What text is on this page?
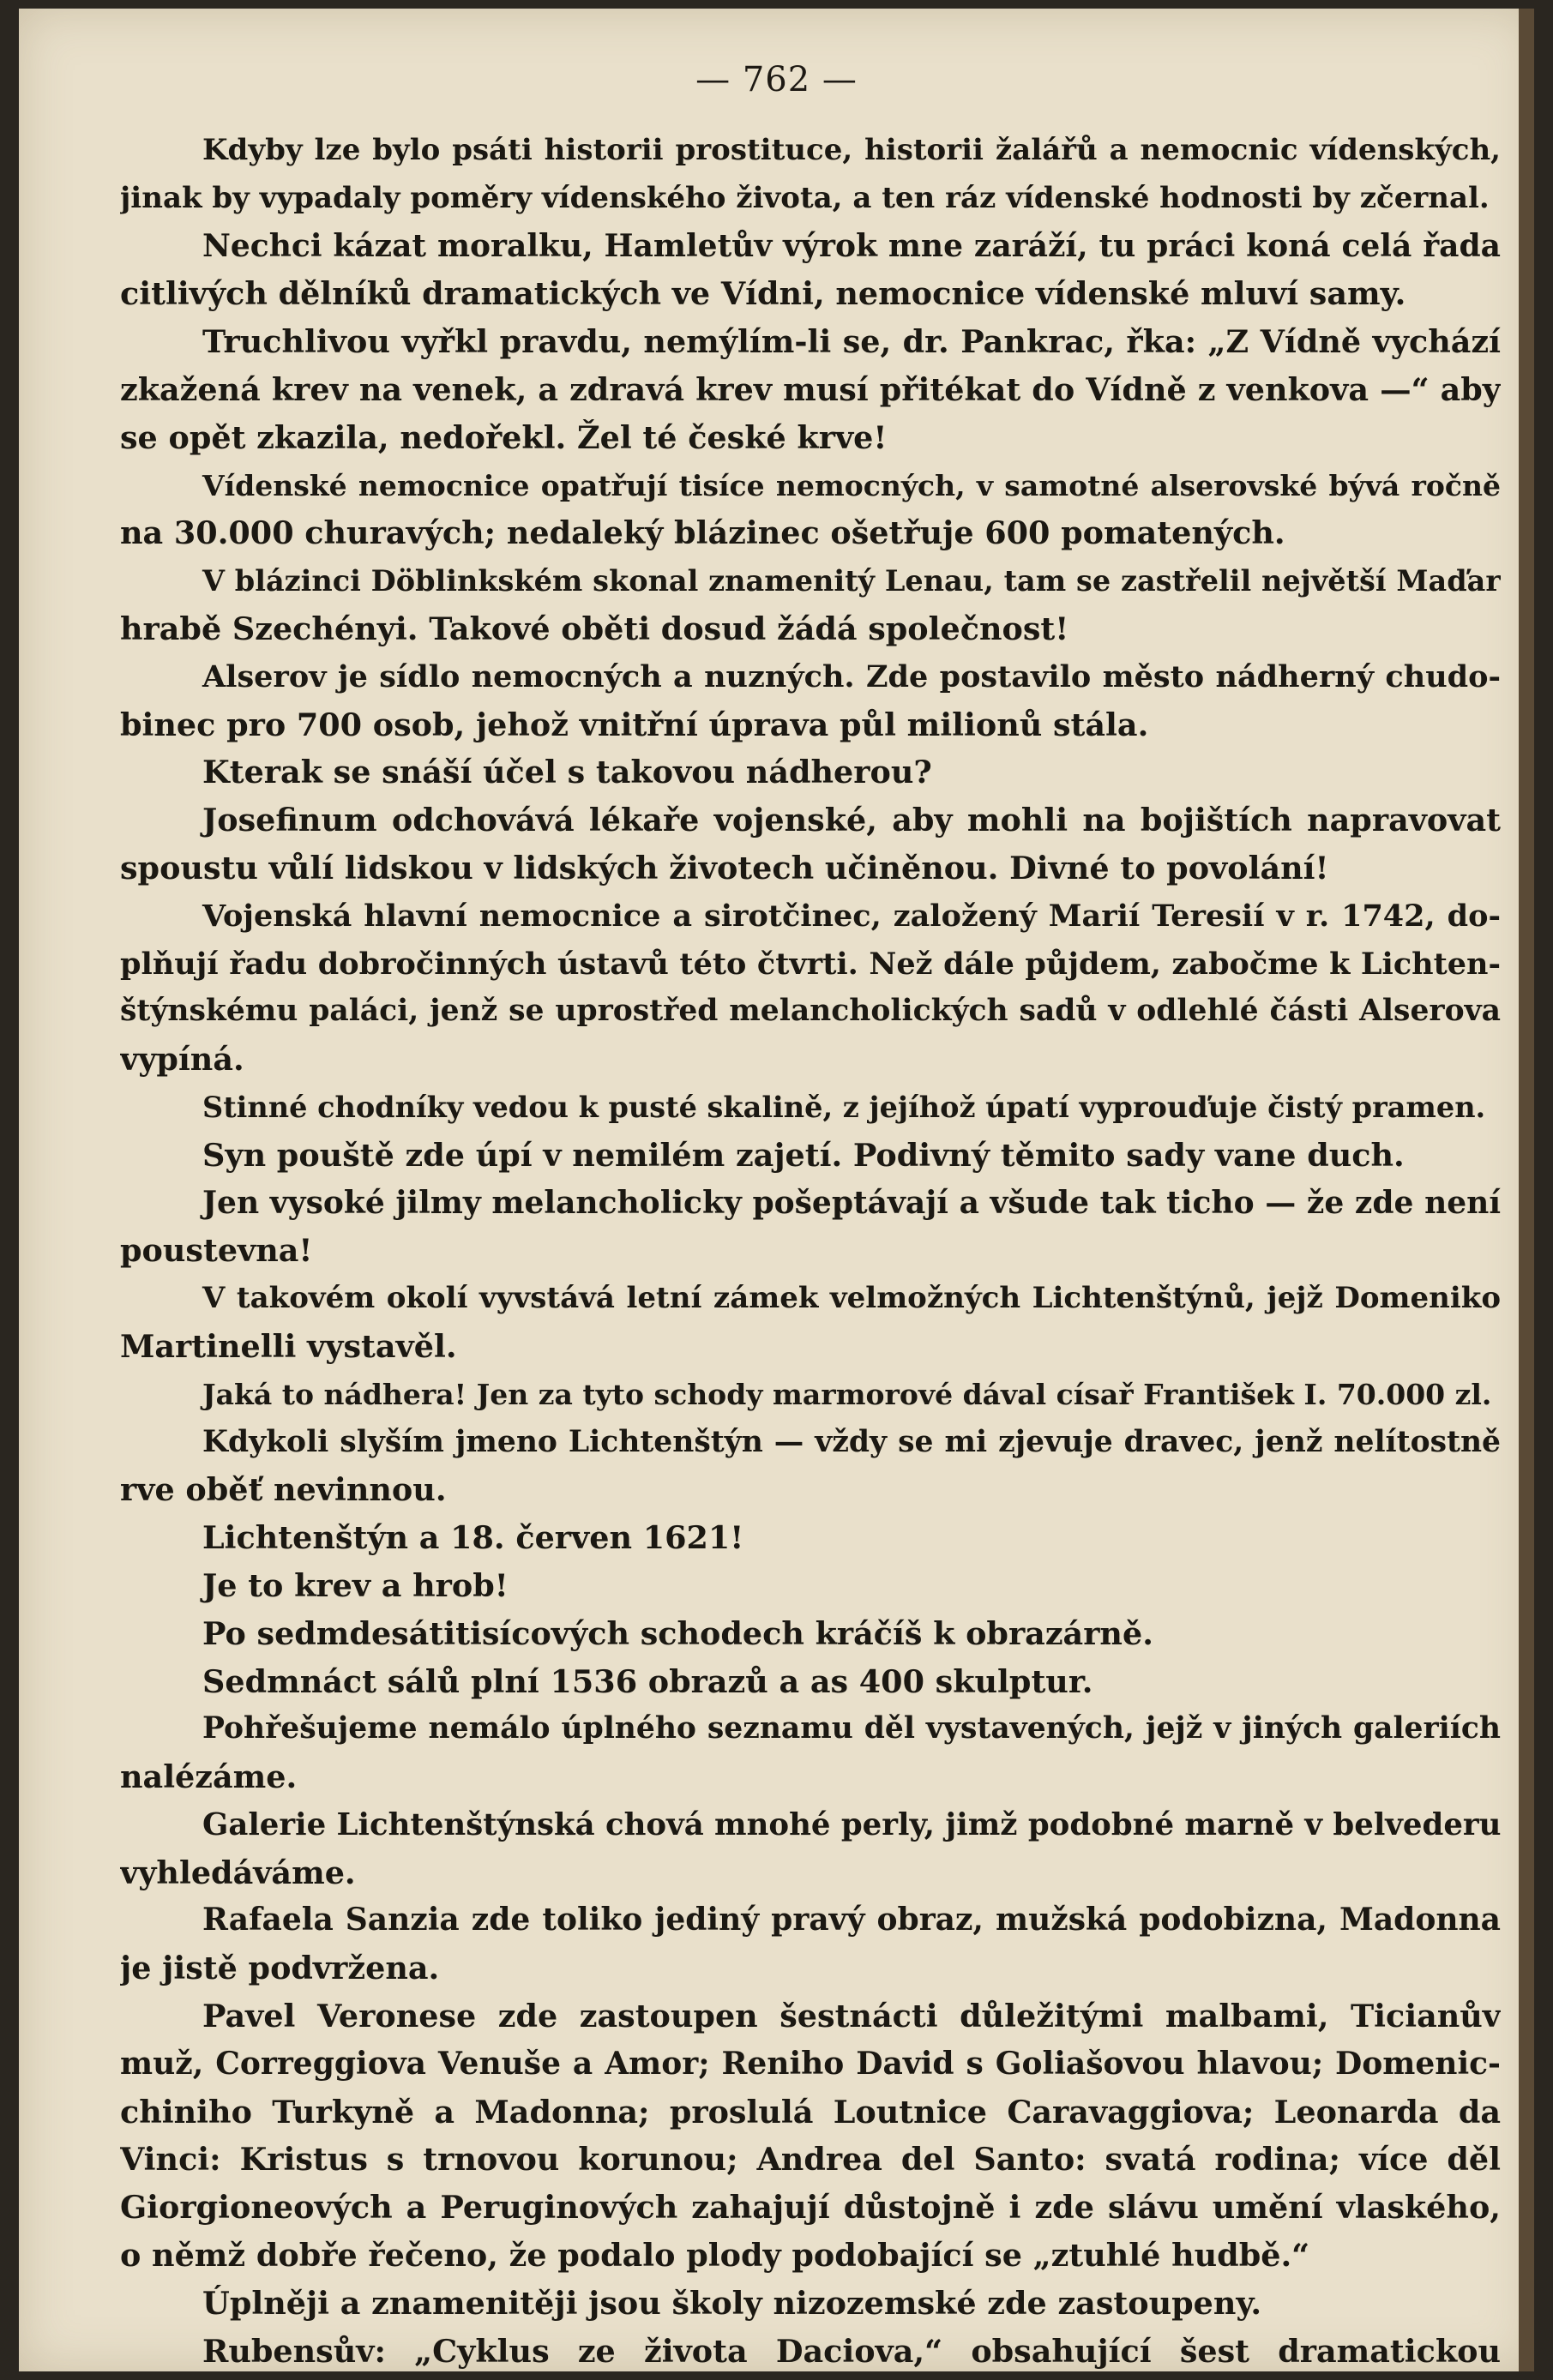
— 762 —
Kdyby lze bylo psáti historii prostituce, historii žalářů a nemocnic vídenských,
jinak by vypadaly poměry vídenského života, a ten ráz vídenské hodnosti by zčernal.
Nechci kázat moralku, Hamletův výrok mne zaráží, tu práci koná celá řada
citlivých dělníků dramatických ve Vídni, nemocnice vídenské mluví samy.
Truchlivou vyřkl pravdu, nemýlím-li se, dr. Pankrac, řka: „Z Vídně vychází
zkažená krev na venek, a zdravá krev musí přitékat do Vídně z venkova —“ aby
se opět zkazila, nedořekl. Žel té české krve!
Vídenské nemocnice opatřují tisíce nemocných, v samotné alserovské bývá ročně
na 30.000 churavých; nedaleký blázinec ošetřuje 600 pomatených.
V blázinci Döblinkském skonal znamenitý Lenau, tam se zastřelil největší Maďar
hrabě Szechényi. Takové oběti dosud žádá společnost!
Alserov je sídlo nemocných a nuzných. Zde postavilo město nádherný chudo-
binec pro 700 osob, jehož vnitřní úprava půl milionů stála.
Kterak se snáší účel s takovou nádherou?
Josefinum odchovává lékaře vojenské, aby mohli na bojištích napravovat
spoustu vůlí lidskou v lidských životech učiněnou. Divné to povolání!
Vojenská hlavní nemocnice a sirotčinec, založený Marií Teresií v r. 1742, do-
plňují řadu dobročinných ústavů této čtvrti. Než dále půjdem, zabočme k Lichten-
štýnskému paláci, jenž se uprostřed melancholických sadů v odlehlé části Alserova
vypíná.
Stinné chodníky vedou k pusté skalině, z jejíhož úpatí vyprouďuje čistý pramen.
Syn pouště zde úpí v nemilém zajetí. Podivný těmito sady vane duch.
Jen vysoké jilmy melancholicky pošeptávají a všude tak ticho — že zde není
poustevna!
V takovém okolí vyvstává letní zámek velmožných Lichtenštýnů, jejž Domeniko
Martinelli vystavěl.
Jaká to nádhera! Jen za tyto schody marmorové dával císař František I. 70.000 zl.
Kdykoli slyším jmeno Lichtenštýn — vždy se mi zjevuje dravec, jenž nelítostně
rve oběť nevinnou.
Lichtenštýn a 18. červen 1621!
Je to krev a hrob!
Po sedmdesátitisícových schodech kráčíš k obrazárně.
Sedmnáct sálů plní 1536 obrazů a as 400 skulptur.
Pohřešujeme nemálo úplného seznamu děl vystavených, jejž v jiných galeriích
nalézáme.
Galerie Lichtenštýnská chová mnohé perly, jimž podobné marně v belvederu
vyhledáváme.
Rafaela Sanzia zde toliko jediný pravý obraz, mužská podobizna, Madonna
je jistě podvržena.
Pavel Veronese zde zastoupen šestnácti důležitými malbami, Ticianův
muž, Correggiova Venuše a Amor; Reniho David s Goliašovou hlavou; Domenic-
chiniho Turkyně a Madonna; proslulá Loutnice Caravaggiova; Leonarda da
Vinci: Kristus s trnovou korunou; Andrea del Santo: svatá rodina; více děl
Giorgioneových a Peruginových zahajují důstojně i zde slávu umění vlaského,
o němž dobře řečeno, že podalo plody podobající se „ztuhlé hudbě.“
Úplněji a znamenitěji jsou školy nizozemské zde zastoupeny.
Rubensův: „Cyklus ze života Daciova,“ obsahující šest dramatickou
